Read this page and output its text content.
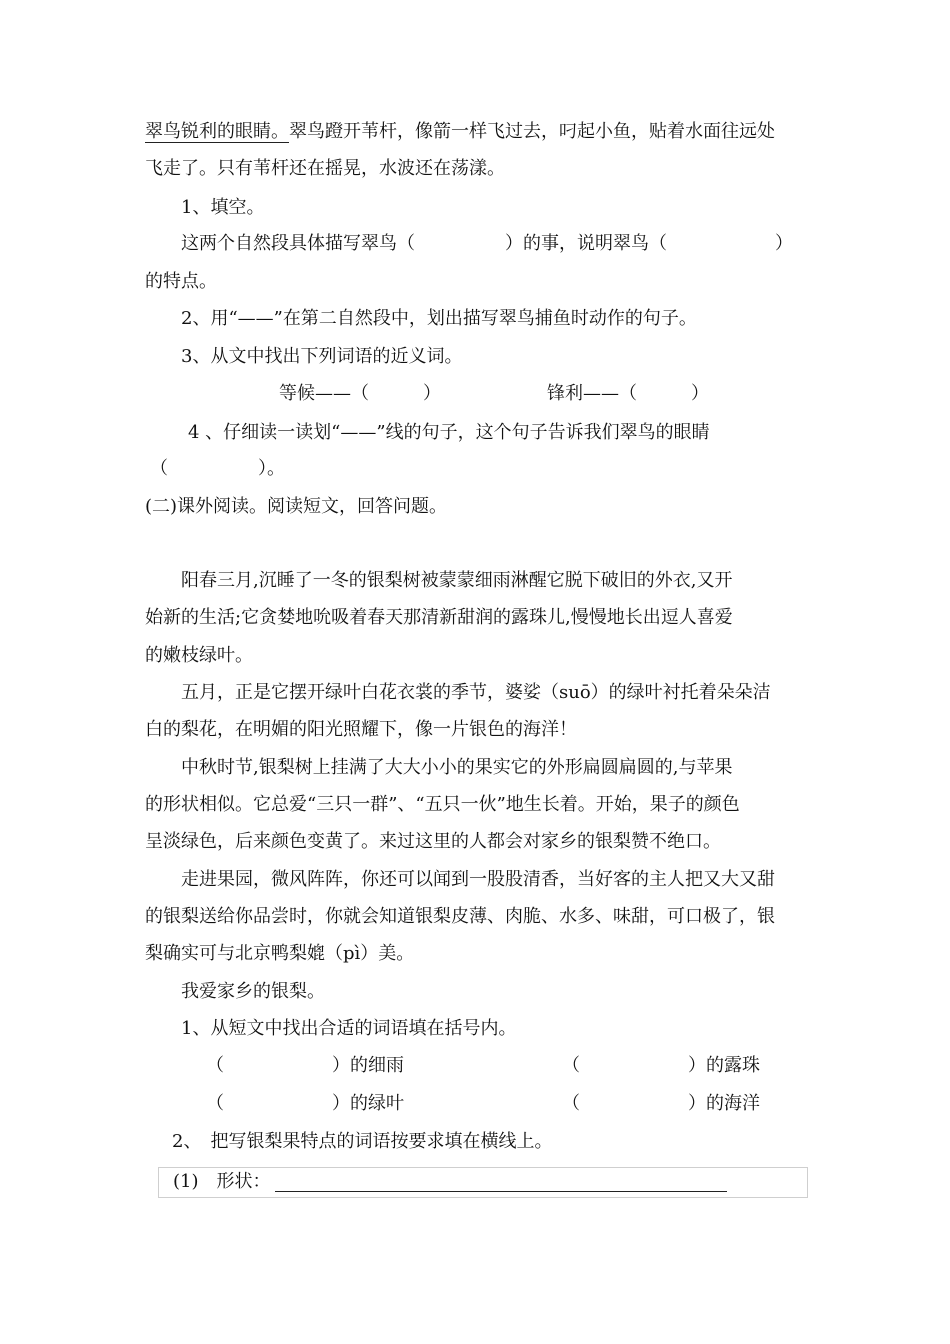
翠鸟锐利的眼睛。翠鸟蹬开苇杆，像箭一样飞过去，叼起小鱼，贴着水面往远处
飞走了。只有苇杆还在摇晃，水波还在荡漾。
1、填空。
这两个自然段具体描写翠鸟（　　　　　）的事，说明翠鸟（　　　　　　）
的特点。
2、用“——”在第二自然段中，划出描写翠鸟捕鱼时动作的句子。
3、从文中找出下列词语的近义词。
等候——（　　　）	锋利——（　　　）
4 、仔细读一读划“——”线的句子，这个句子告诉我们翠鸟的眼睛
（　　　　　）。
(二)课外阅读。阅读短文，回答问题。
阳春三月,沉睡了一冬的银梨树被蒙蒙细雨淋醒它脱下破旧的外衣,又开
始新的生活;它贪婪地吮吸着春天那清新甜润的露珠儿,慢慢地长出逗人喜爱
的嫩枝绿叶。
五月，正是它摆开绿叶白花衣裳的季节，婆娑（suō）的绿叶衬托着朵朵洁
白的梨花，在明媚的阳光照耀下，像一片银色的海洋！
中秋时节,银梨树上挂满了大大小小的果实它的外形扁圆扁圆的,与苹果
的形状相似。它总爱“三只一群”、“五只一伙”地生长着。开始，果子的颜色
呈淡绿色，后来颜色变黄了。来过这里的人都会对家乡的银梨赞不绝口。
走进果园，微风阵阵，你还可以闻到一股股清香，当好客的主人把又大又甜
的银梨送给你品尝时，你就会知道银梨皮薄、肉脆、水多、味甜，可口极了，银
梨确实可与北京鸭梨媲（pì）美。
我爱家乡的银梨。
1、从短文中找出合适的词语填在括号内。
（　　　　　　）的细雨	（　　　　　　）的露珠
（　　　　　　）的绿叶	（　　　　　　）的海洋
2、　把写银梨果特点的词语按要求填在横线上。
(1)　形状：
